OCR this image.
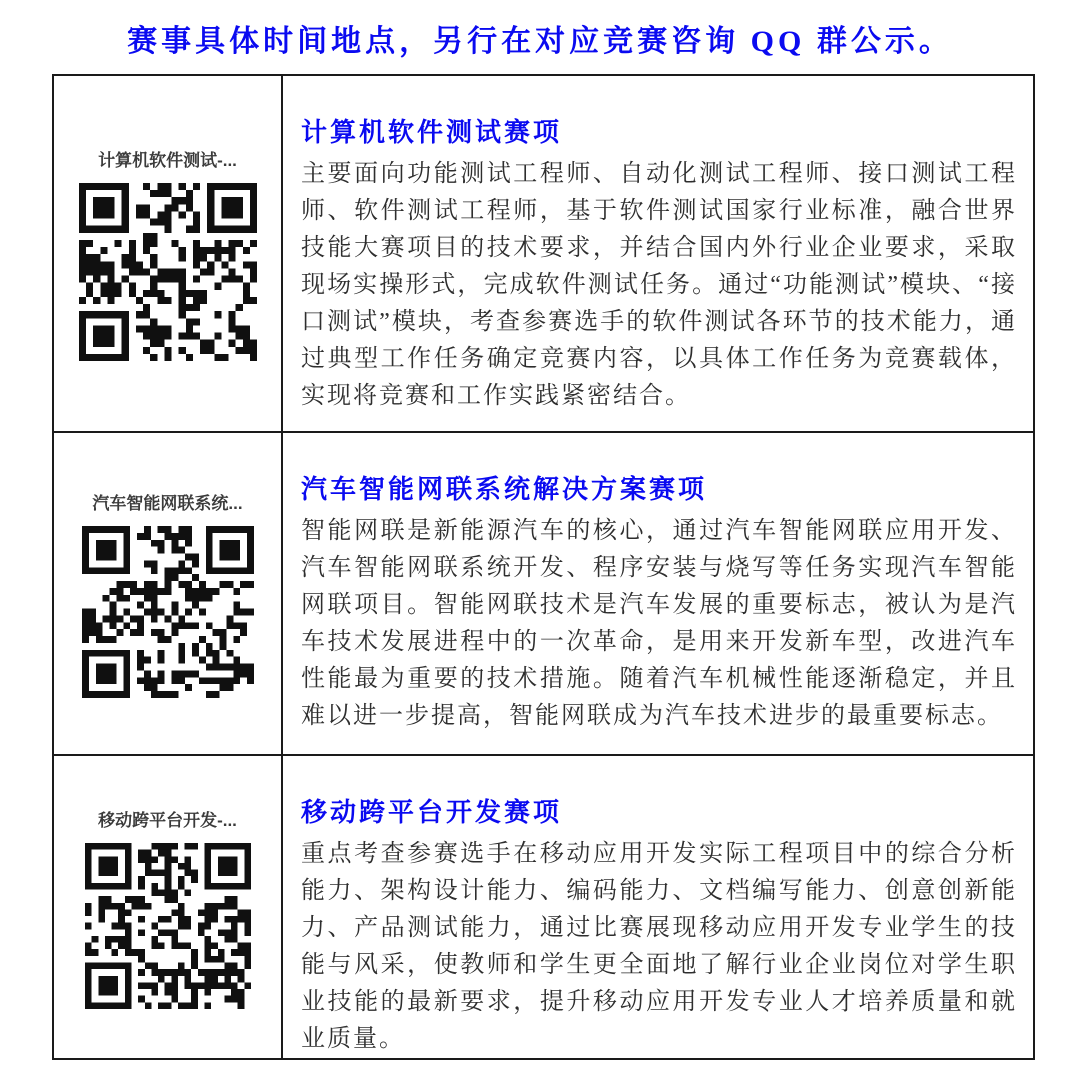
赛事具体时间地点，另行在对应竞赛咨询 QQ 群公示。
计算机软件测试-...
计算机软件测试赛项

主要面向功能测试工程师、自动化测试工程师、接口测试工程师、软件测试工程师，基于软件测试国家行业标准，融合世界技能大赛项目的技术要求，并结合国内外行业企业要求，采取现场实操形式，完成软件测试任务。通过“功能测试”模块、“接口测试”模块，考查参赛选手的软件测试各环节的技术能力，通过典型工作任务确定竞赛内容，以具体工作任务为竞赛载体，实现将竞赛和工作实践紧密结合。

汽车智能网联系统... 汽车智能网联系统解决方案赛项

智能网联是新能源汽车的核心，通过汽车智能网联应用开发、汽车智能网联系统开发、程序安装与烧写等任务实现汽车智能网联项目。智能网联技术是汽车发展的重要标志，被认为是汽车技术发展进程中的一次革命，是用来开发新车型，改进汽车性能最为重要的技术措施。随着汽车机械性能逐渐稳定，并且难以进一步提高，智能网联成为汽车技术进步的最重要标志。

移动跨平台开发-... 移动跨平台开发赛项

重点考查参赛选手在移动应用开发实际工程项目中的综合分析能力、架构设计能力、编码能力、文档编写能力、创意创新能力、产品测试能力，通过比赛展现移动应用开发专业学生的技能与风采，使教师和学生更全面地了解行业企业岗位对学生职业技能的最新要求，提升移动应用开发专业人才培养质量和就业质量。
